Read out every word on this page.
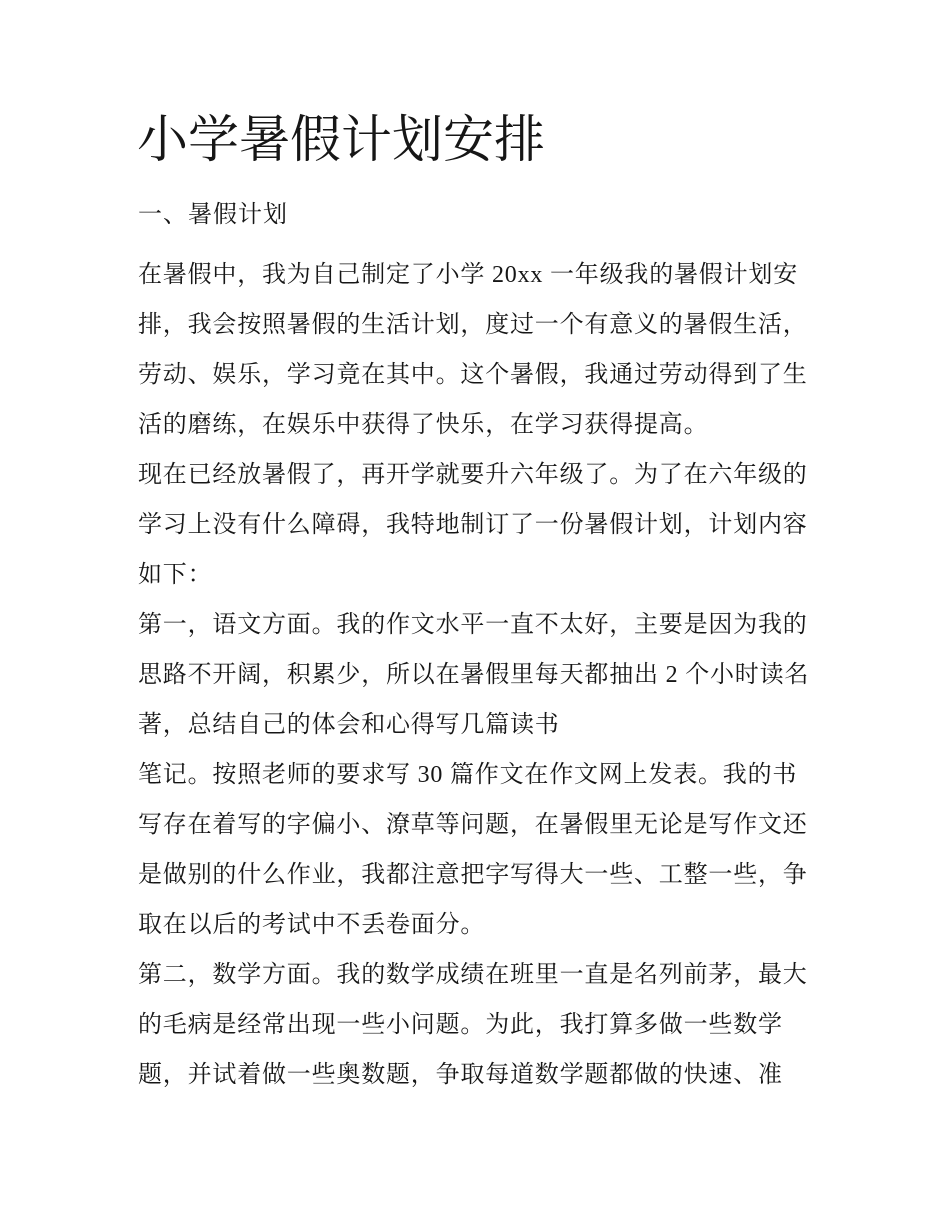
小学暑假计划安排
一、暑假计划
在暑假中，我为自己制定了小学 20xx 一年级我的暑假计划安
排，我会按照暑假的生活计划，度过一个有意义的暑假生活，
劳动、娱乐，学习竟在其中。这个暑假，我通过劳动得到了生
活的磨练，在娱乐中获得了快乐，在学习获得提高。
现在已经放暑假了，再开学就要升六年级了。为了在六年级的
学习上没有什么障碍，我特地制订了一份暑假计划，计划内容
如下：
第一，语文方面。我的作文水平一直不太好，主要是因为我的
思路不开阔，积累少，所以在暑假里每天都抽出 2 个小时读名
著，总结自己的体会和心得写几篇读书
笔记。按照老师的要求写 30 篇作文在作文网上发表。我的书
写存在着写的字偏小、潦草等问题，在暑假里无论是写作文还
是做别的什么作业，我都注意把字写得大一些、工整一些，争
取在以后的考试中不丢卷面分。
第二，数学方面。我的数学成绩在班里一直是名列前茅，最大
的毛病是经常出现一些小问题。为此，我打算多做一些数学
题，并试着做一些奥数题，争取每道数学题都做的快速、准
